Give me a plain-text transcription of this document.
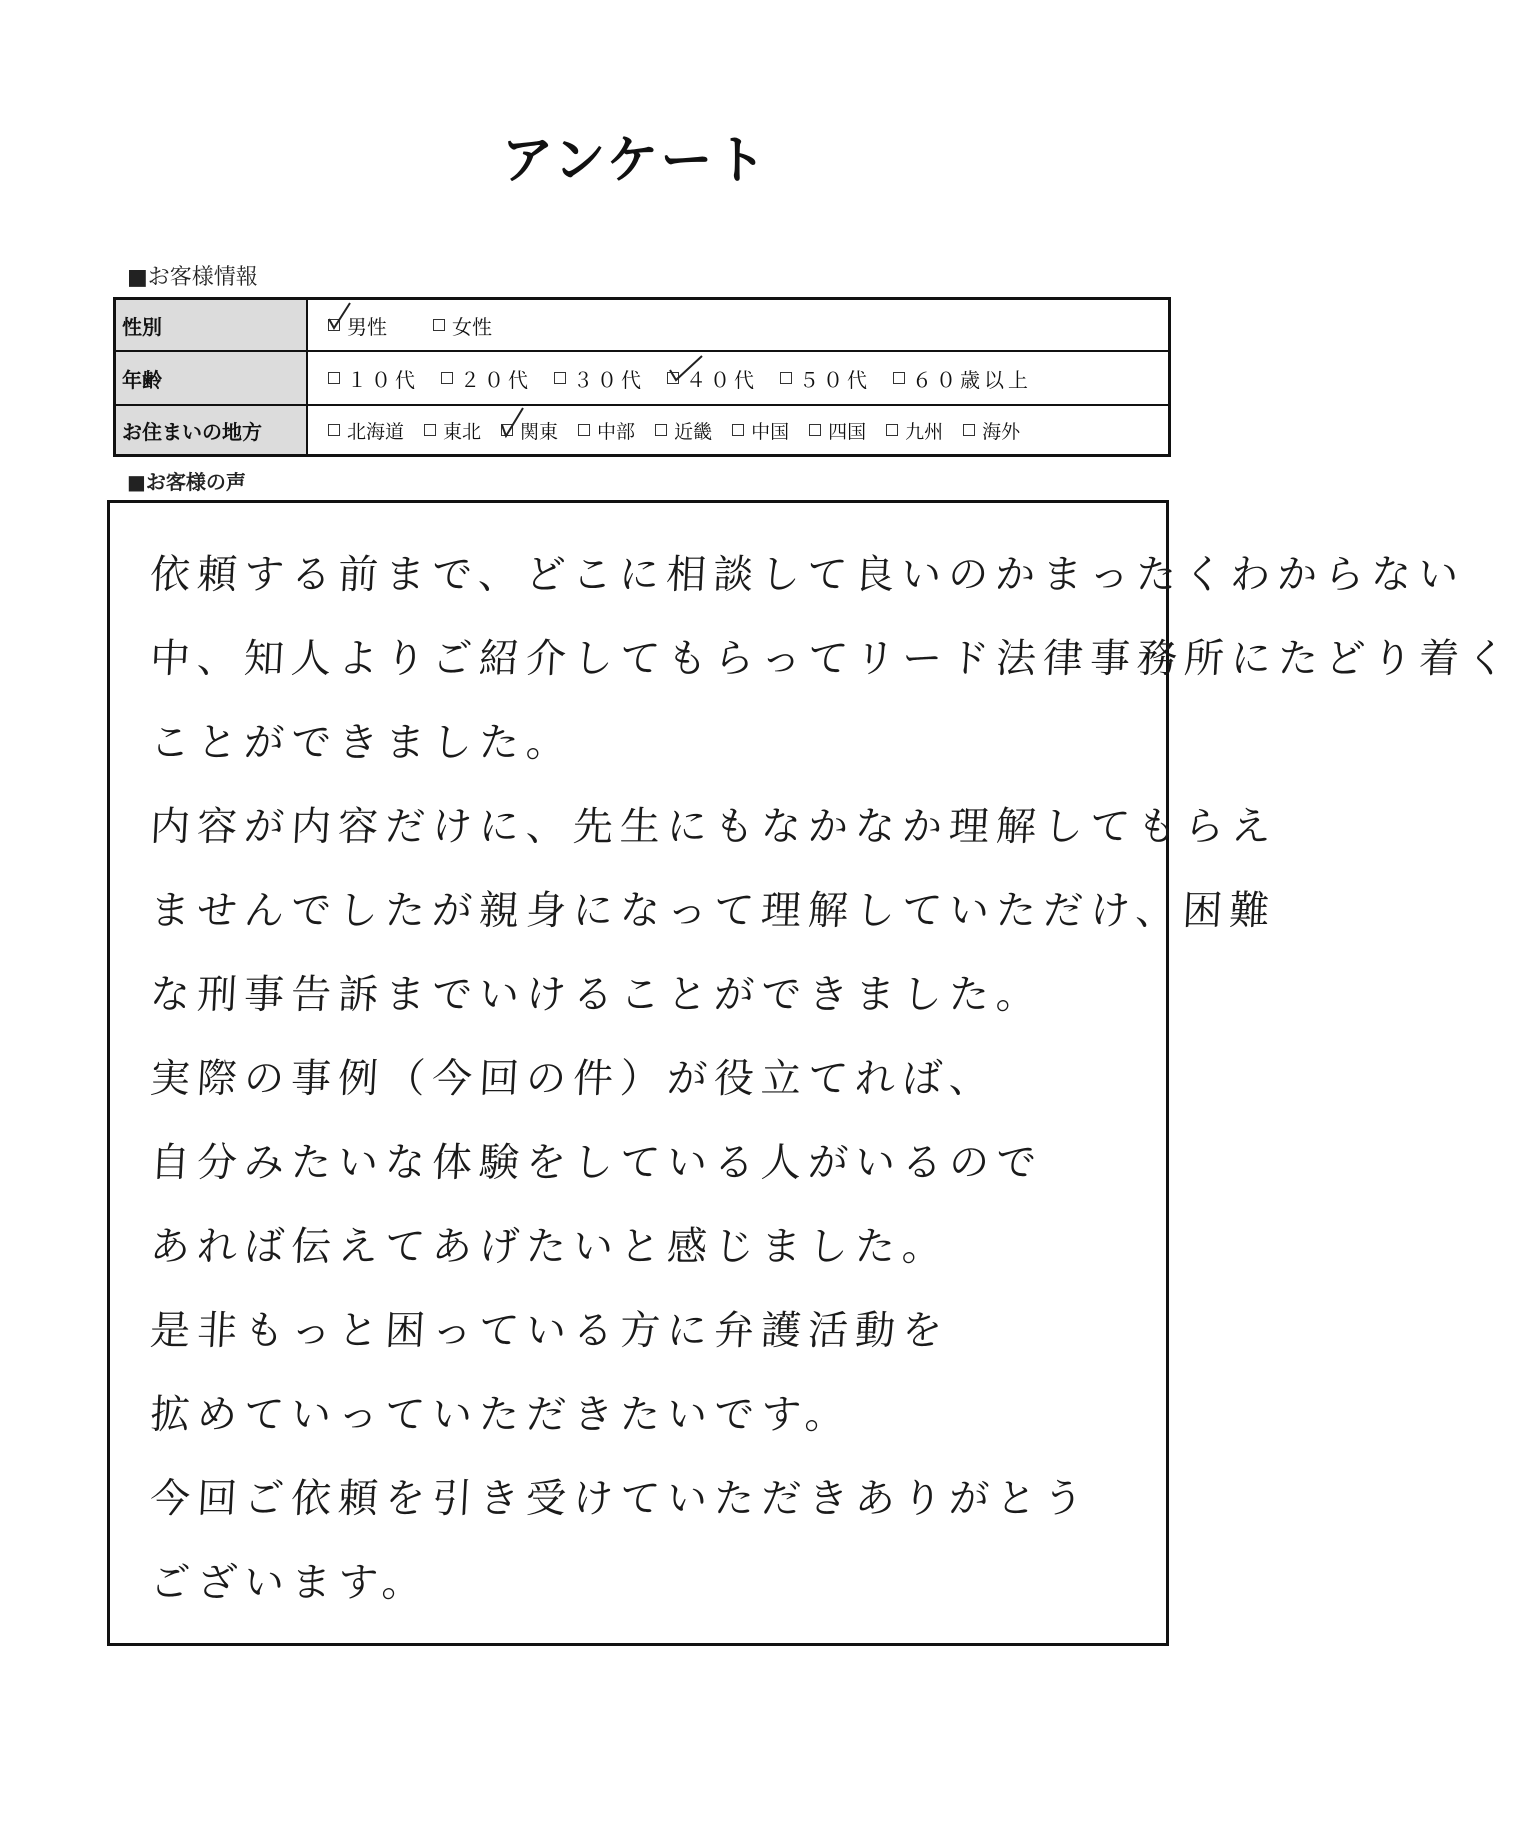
アンケート
■お客様情報
性別	男性	女性
年齢	１０代 ２０代 ３０代 ４０代 ５０代 ６０歳以上
お住まいの地方	北海道 東北 関東 中部 近畿 中国 四国 九州 海外
■お客様の声
依頼する前まで、どこに相談して良いのかまったくわからない
中、知人よりご紹介してもらってリード法律事務所にたどり着く
ことができました。
内容が内容だけに、先生にもなかなか理解してもらえ
ませんでしたが親身になって理解していただけ、困難
な刑事告訴までいけることができました。
実際の事例（今回の件）が役立てれば、
自分みたいな体験をしている人がいるので
あれば伝えてあげたいと感じました。
是非もっと困っている方に弁護活動を
拡めていっていただきたいです。
今回ご依頼を引き受けていただきありがとう
ございます。
